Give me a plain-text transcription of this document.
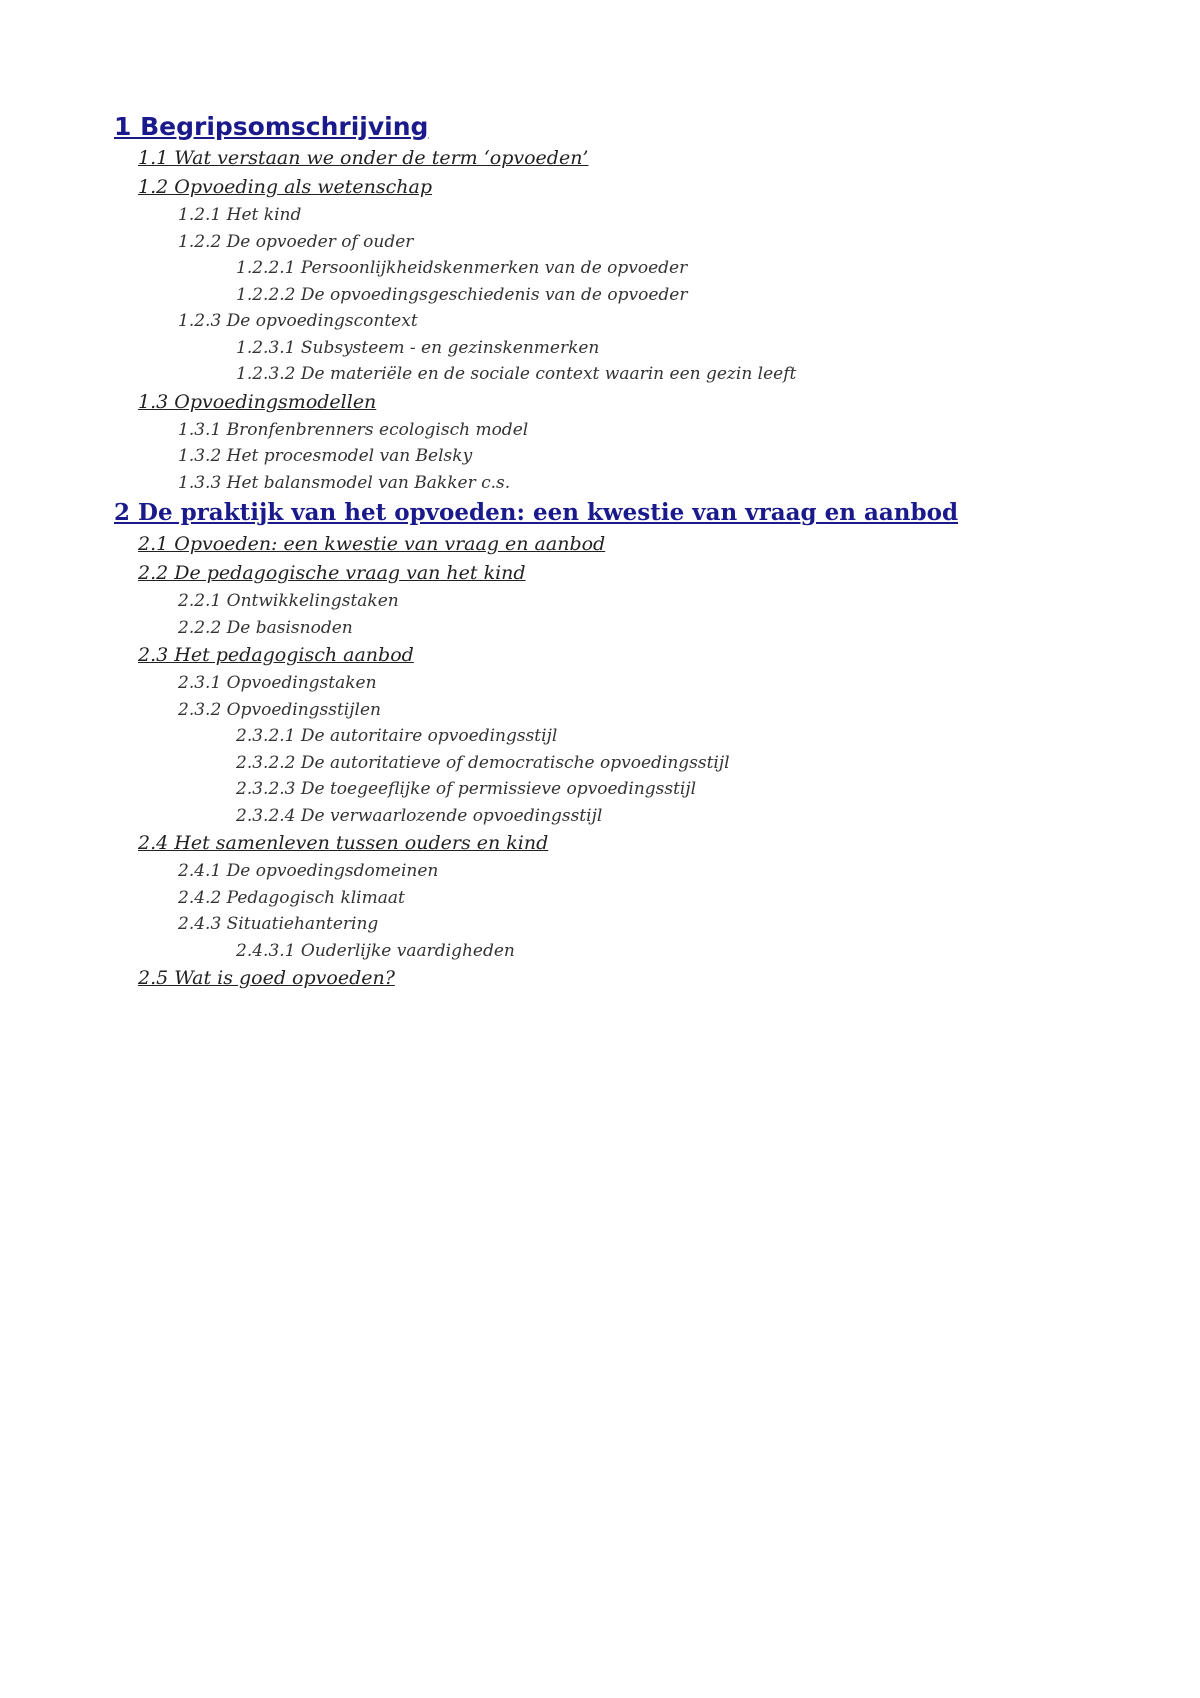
1 Begripsomschrijving
1.1 Wat verstaan we onder de term ‘opvoeden’
1.2 Opvoeding als wetenschap
1.2.1 Het kind
1.2.2 De opvoeder of ouder
1.2.2.1 Persoonlijkheidskenmerken van de opvoeder
1.2.2.2 De opvoedingsgeschiedenis van de opvoeder
1.2.3 De opvoedingscontext
1.2.3.1 Subsysteem - en gezinskenmerken
1.2.3.2 De materiële en de sociale context waarin een gezin leeft
1.3 Opvoedingsmodellen
1.3.1 Bronfenbrenners ecologisch model
1.3.2 Het procesmodel van Belsky
1.3.3 Het balansmodel van Bakker c.s.
2 De praktijk van het opvoeden: een kwestie van vraag en aanbod
2.1 Opvoeden: een kwestie van vraag en aanbod
2.2 De pedagogische vraag van het kind
2.2.1 Ontwikkelingstaken
2.2.2 De basisnoden
2.3 Het pedagogisch aanbod
2.3.1 Opvoedingstaken
2.3.2 Opvoedingsstijlen
2.3.2.1 De autoritaire opvoedingsstijl
2.3.2.2 De autoritatieve of democratische opvoedingsstijl
2.3.2.3 De toegeeflijke of permissieve opvoedingsstijl
2.3.2.4 De verwaarlozende opvoedingsstijl
2.4 Het samenleven tussen ouders en kind
2.4.1 De opvoedingsdomeinen
2.4.2 Pedagogisch klimaat
2.4.3 Situatiehantering
2.4.3.1 Ouderlijke vaardigheden
2.5 Wat is goed opvoeden?
